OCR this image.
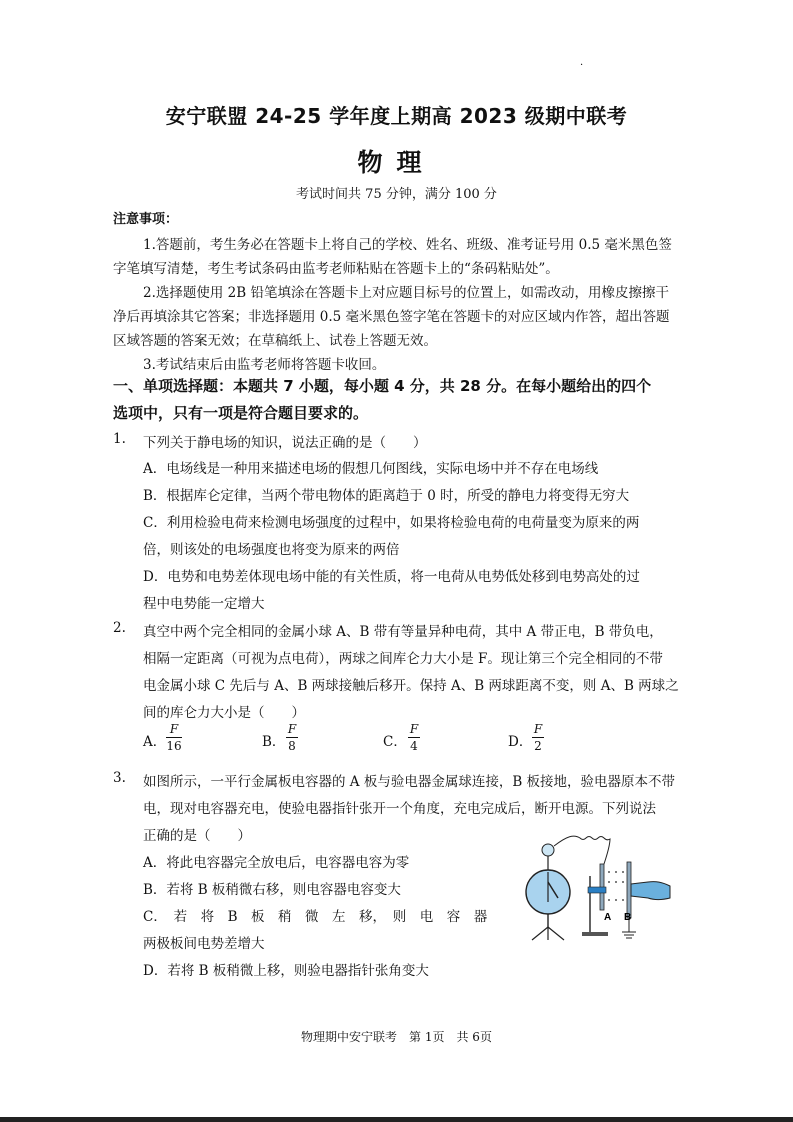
·
安宁联盟 24-25 学年度上期高 2023 级期中联考
物理
考试时间共 75 分钟，满分 100 分
注意事项：
1.答题前，考生务必在答题卡上将自己的学校、姓名、班级、准考证号用 0.5 毫米黑色签
字笔填写清楚，考生考试条码由监考老师粘贴在答题卡上的“条码粘贴处”。
2.选择题使用 2B 铅笔填涂在答题卡上对应题目标号的位置上，如需改动，用橡皮擦擦干
净后再填涂其它答案；非选择题用 0.5 毫米黑色签字笔在答题卡的对应区域内作答，超出答题
区域答题的答案无效；在草稿纸上、试卷上答题无效。
3.考试结束后由监考老师将答题卡收回。
一、单项选择题：本题共 7 小题，每小题 4 分，共 28 分。在每小题给出的四个
选项中，只有一项是符合题目要求的。
1. 下列关于静电场的知识，说法正确的是（　　）
A．电场线是一种用来描述电场的假想几何图线，实际电场中并不存在电场线
B．根据库仑定律，当两个带电物体的距离趋于 0 时，所受的静电力将变得无穷大
C．利用检验电荷来检测电场强度的过程中，如果将检验电荷的电荷量变为原来的两
倍，则该处的电场强度也将变为原来的两倍
D．电势和电势差体现电场中能的有关性质，将一电荷从电势低处移到电势高处的过
程中电势能一定增大
2. 真空中两个完全相同的金属小球 A、B 带有等量异种电荷，其中 A 带正电，B 带负电，
相隔一定距离（可视为点电荷），两球之间库仑力大小是 F。现让第三个完全相同的不带
电金属小球 C 先后与 A、B 两球接触后移开。保持 A、B 两球距离不变，则 A、B 两球之
间的库仑力大小是（　　）
A．
F
16	B．
F
8	C．
F
4	D．
F
2
3. 如图所示，一平行金属板电容器的 A 板与验电器金属球连接，B 板接地，验电器原本不带
电，现对电容器充电，使验电器指针张开一个角度，充电完成后，断开电源。下列说法
正确的是（　　）
A．将此电容器完全放电后，电容器电容为零
B．若将 B 板稍微右移，则电容器电容变大
C．　若　将　B　板　稍　微　左　移，　则　电　容　器
两极板间电势差增大
D．若将 B 板稍微上移，则验电器指针张角变大
A B
物理期中安宁联考　第 1页　共 6页
